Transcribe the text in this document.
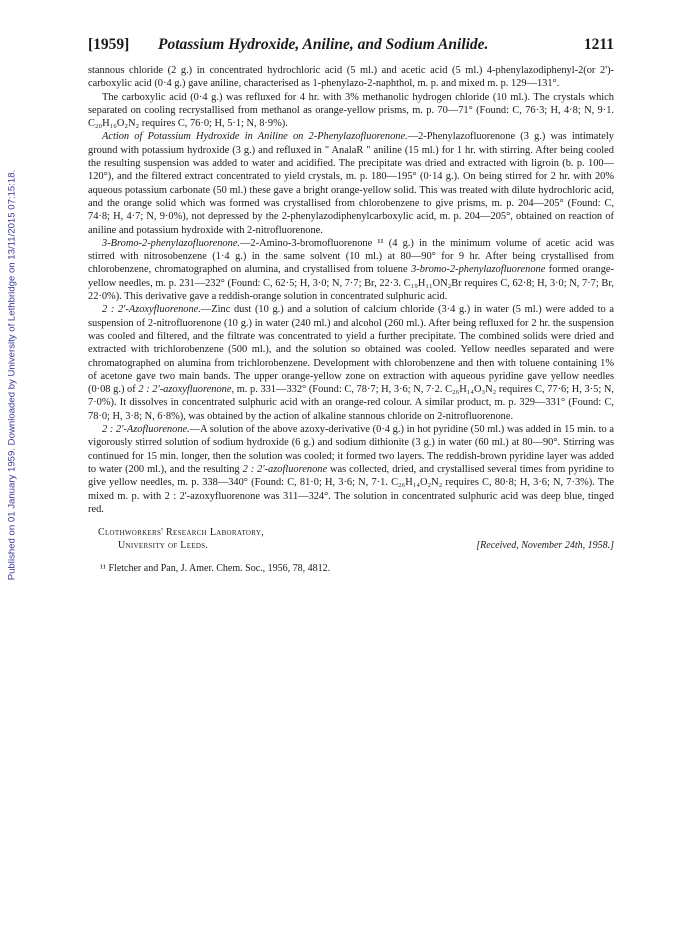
Published on 01 January 1959. Downloaded by University of Lethbridge on 13/11/2015 07:15:18.
[1959] Potassium Hydroxide, Aniline, and Sodium Anilide.	1211

stannous chloride (2 g.) in concentrated hydrochloric acid (5 ml.) and acetic acid (5 ml.) 4-phenylazodiphenyl-2(or 2')-carboxylic acid (0·4 g.) gave aniline, characterised as 1-phenylazo-2-naphthol, m. p. and mixed m. p. 129—131°.

The carboxylic acid (0·4 g.) was refluxed for 4 hr. with 3% methanolic hydrogen chloride (10 ml.). The crystals which separated on cooling recrystallised from methanol as orange-yellow prisms, m. p. 70—71° (Found: C, 76·3; H, 4·8; N, 9·1. C₂₀H₁₆O₂N₂ requires C, 76·0; H, 5·1; N, 8·9%).

Action of Potassium Hydroxide in Aniline on 2-Phenylazofluorenone.—2-Phenylazofluorenone (3 g.) was intimately ground with potassium hydroxide (3 g.) and refluxed in " AnalaR " aniline (15 ml.) for 1 hr. with stirring. After being cooled the resulting suspension was added to water and acidified. The precipitate was dried and extracted with ligroin (b. p. 100—120°), and the filtered extract concentrated to yield crystals, m. p. 180—195° (0·14 g.). On being stirred for 2 hr. with 20% aqueous potassium carbonate (50 ml.) these gave a bright orange-yellow solid. This was treated with dilute hydrochloric acid, and the orange solid which was formed was crystallised from chlorobenzene to give prisms, m. p. 204—205° (Found: C, 74·8; H, 4·7; N, 9·0%), not depressed by the 2-phenylazodiphenylcarboxylic acid, m. p. 204—205°, obtained on reaction of aniline and potassium hydroxide with 2-nitrofluorenone.

3-Bromo-2-phenylazofluorenone.—2-Amino-3-bromofluorenone ¹¹ (4 g.) in the minimum volume of acetic acid was stirred with nitrosobenzene (1·4 g.) in the same solvent (10 ml.) at 80—90° for 9 hr. After being crystallised from chlorobenzene, chromatographed on alumina, and crystallised from toluene 3-bromo-2-phenylazofluorenone formed orange-yellow needles, m. p. 231—232° (Found: C, 62·5; H, 3·0; N, 7·7; Br, 22·3. C₁₉H₁₁ON₂Br requires C, 62·8; H, 3·0; N, 7·7; Br, 22·0%). This derivative gave a reddish-orange solution in concentrated sulphuric acid.

2 : 2'-Azoxyfluorenone.—Zinc dust (10 g.) and a solution of calcium chloride (3·4 g.) in water (5 ml.) were added to a suspension of 2-nitrofluorenone (10 g.) in water (240 ml.) and alcohol (260 ml.). After being refluxed for 2 hr. the suspension was cooled and filtered, and the filtrate was concentrated to yield a further precipitate. The combined solids were dried and extracted with trichlorobenzene (500 ml.), and the solution so obtained was cooled. Yellow needles separated and were chromatographed on alumina from trichlorobenzene. Development with chlorobenzene and then with toluene containing 1% of acetone gave two main bands. The upper orange-yellow zone on extraction with aqueous pyridine gave yellow needles (0·08 g.) of 2 : 2'-azoxyfluorenone, m. p. 331—332° (Found: C, 78·7; H, 3·6; N, 7·2. C₂₆H₁₄O₃N₂ requires C, 77·6; H, 3·5; N, 7·0%). It dissolves in concentrated sulphuric acid with an orange-red colour. A similar product, m. p. 329—331° (Found: C, 78·0; H, 3·8; N, 6·8%), was obtained by the action of alkaline stannous chloride on 2-nitrofluorenone.

2 : 2'-Azofluorenone.—A solution of the above azoxy-derivative (0·4 g.) in hot pyridine (50 ml.) was added in 15 min. to a vigorously stirred solution of sodium hydroxide (6 g.) and sodium dithionite (3 g.) in water (60 ml.) at 80—90°. Stirring was continued for 15 min. longer, then the solution was cooled; it formed two layers. The reddish-brown pyridine layer was added to water (200 ml.), and the resulting 2 : 2'-azofluorenone was collected, dried, and crystallised several times from pyridine to give yellow needles, m. p. 338—340° (Found: C, 81·0; H, 3·6; N, 7·1. C₂₆H₁₄O₂N₂ requires C, 80·8; H, 3·6; N, 7·3%). The mixed m. p. with 2 : 2'-azoxyfluorenone was 311—324°. The solution in concentrated sulphuric acid was deep blue, tinged red.

Clothworkers' Research Laboratory,
University of Leeds.	[Received, November 24th, 1958.]
¹¹ Fletcher and Pan, J. Amer. Chem. Soc., 1956, 78, 4812.
